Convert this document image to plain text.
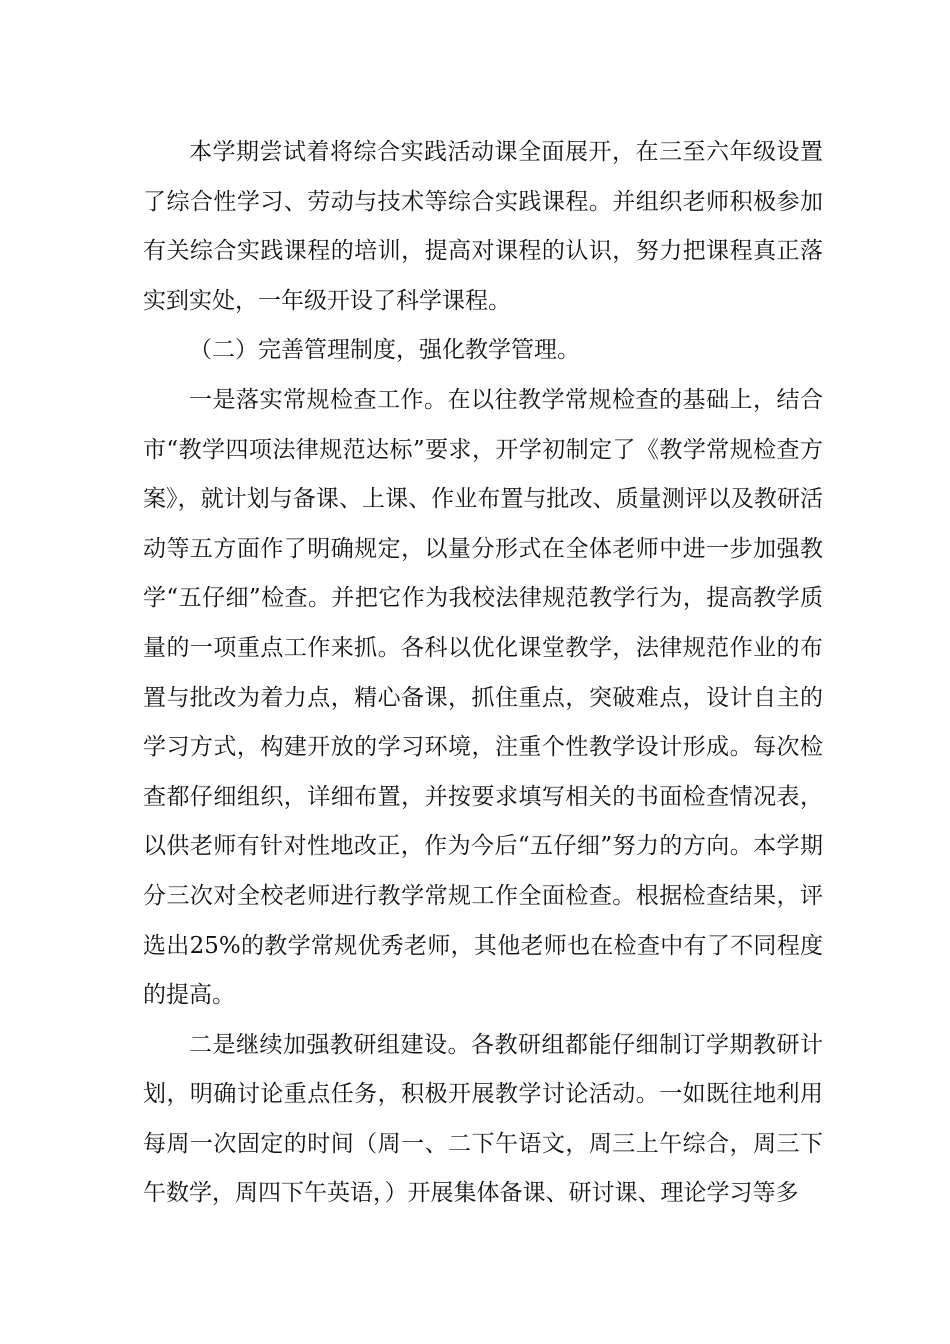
本学期尝试着将综合实践活动课全面展开，在三至六年级设置了综合性学习、劳动与技术等综合实践课程。并组织老师积极参加有关综合实践课程的培训，提高对课程的认识，努力把课程真正落实到实处，一年级开设了科学课程。

（二）完善管理制度，强化教学管理。

一是落实常规检查工作。在以往教学常规检查的基础上，结合市“教学四项法律规范达标”要求，开学初制定了《教学常规检查方案》，就计划与备课、上课、作业布置与批改、质量测评以及教研活动等五方面作了明确规定，以量分形式在全体老师中进一步加强教学“五仔细”检查。并把它作为我校法律规范教学行为，提高教学质量的一项重点工作来抓。各科以优化课堂教学，法律规范作业的布置与批改为着力点，精心备课，抓住重点，突破难点，设计自主的学习方式，构建开放的学习环境，注重个性教学设计形成。每次检查都仔细组织，详细布置，并按要求填写相关的书面检查情况表，以供老师有针对性地改正，作为今后“五仔细”努力的方向。本学期分三次对全校老师进行教学常规工作全面检查。根据检查结果，评选出25%的教学常规优秀老师，其他老师也在检查中有了不同程度的提高。

二是继续加强教研组建设。各教研组都能仔细制订学期教研计划，明确讨论重点任务，积极开展教学讨论活动。一如既往地利用每周一次固定的时间（周一、二下午语文，周三上午综合，周三下午数学，周四下午英语，）开展集体备课、研讨课、理论学习等多
